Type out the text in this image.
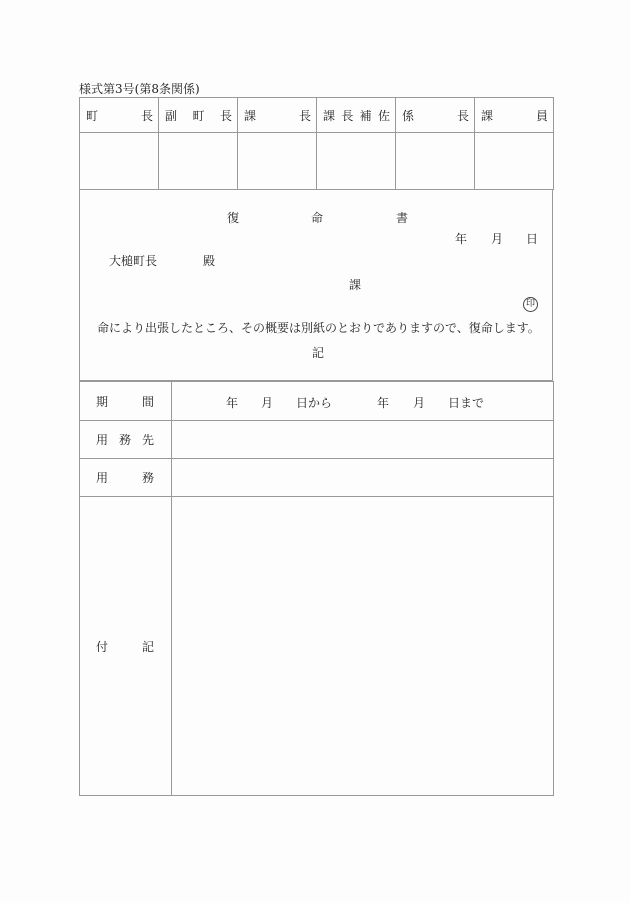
様式第3号(第8条関係)
町 長	副 町 長	課 長	課 長 補 佐	係 長	課 員

復	命	書
年 月 日
大槌町長	殿
課
印
命により出張したところ、その概要は別紙のとおりでありますので、復命します。
記
期	間	年 月 日から	年 月 日まで

用 務 先	

用 務	

付 記	
